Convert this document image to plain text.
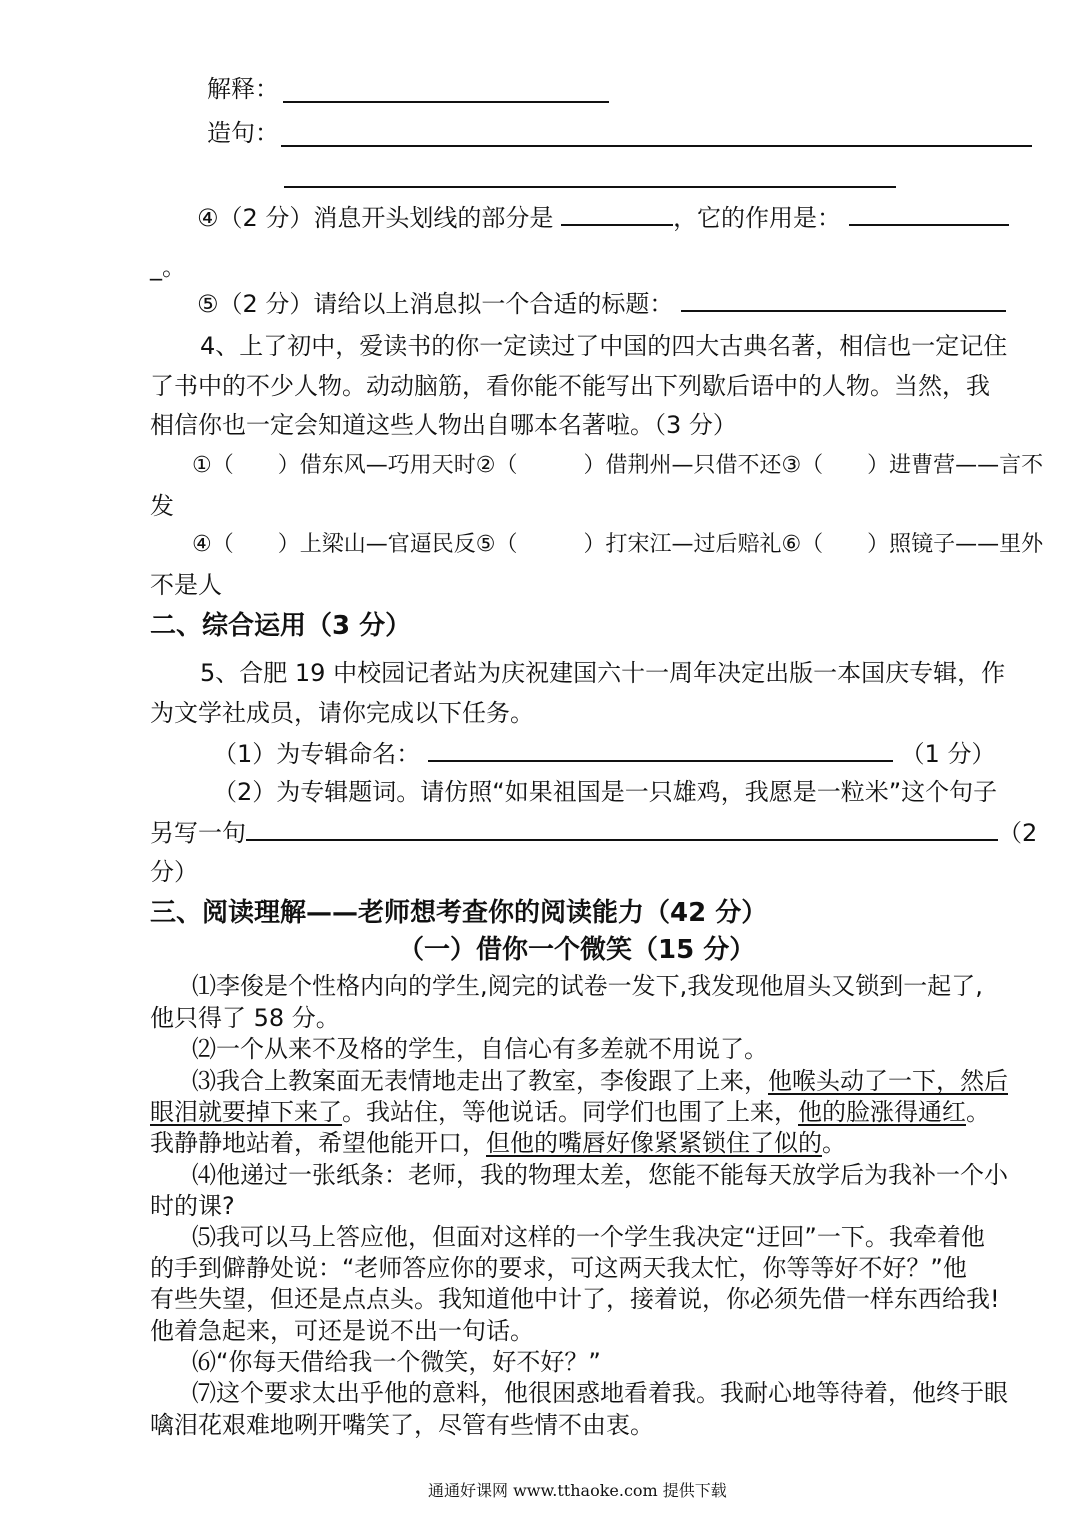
解释：
造句：
④（2 分）消息开头划线的部分是	，它的作用是：
_。
⑤（2 分）请给以上消息拟一个合适的标题：
4、上了初中，爱读书的你一定读过了中国的四大古典名著，相信也一定记住
了书中的不少人物。动动脑筋，看你能不能写出下列歇后语中的人物。当然，我
相信你也一定会知道这些人物出自哪本名著啦。（3 分）
①（　　）借东风—巧用天时②（　　　）借荆州—只借不还③（　　）进曹营——言不
发
④（　　）上梁山—官逼民反⑤（　　　）打宋江—过后赔礼⑥（　　）照镜子——里外
不是人
二、综合运用（3 分）
5、合肥 19 中校园记者站为庆祝建国六十一周年决定出版一本国庆专辑，作
为文学社成员，请你完成以下任务。
（1）为专辑命名：	（1 分）
（2）为专辑题词。请仿照“如果祖国是一只雄鸡，我愿是一粒米”这个句子
另写一句	（2
分）
三、阅读理解——老师想考查你的阅读能力（42 分）
（一）借你一个微笑（15 分）
⑴李俊是个性格内向的学生,阅完的试卷一发下,我发现他眉头又锁到一起了,
他只得了 58 分。
⑵一个从来不及格的学生，自信心有多差就不用说了。
⑶我合上教案面无表情地走出了教室，李俊跟了上来，他喉头动了一下，然后
眼泪就要掉下来了。我站住，等他说话。同学们也围了上来，他的脸涨得通红。
我静静地站着，希望他能开口，但他的嘴唇好像紧紧锁住了似的。
⑷他递过一张纸条：老师，我的物理太差，您能不能每天放学后为我补一个小
时的课?
⑸我可以马上答应他，但面对这样的一个学生我决定“迂回”一下。我牵着他
的手到僻静处说：“老师答应你的要求，可这两天我太忙，你等等好不好？”他
有些失望，但还是点点头。我知道他中计了，接着说，你必须先借一样东西给我!
他着急起来，可还是说不出一句话。
⑹“你每天借给我一个微笑，好不好？”
⑺这个要求太出乎他的意料，他很困惑地看着我。我耐心地等待着，他终于眼
噙泪花艰难地咧开嘴笑了，尽管有些情不由衷。
通通好课网 www.tthaoke.com 提供下载
